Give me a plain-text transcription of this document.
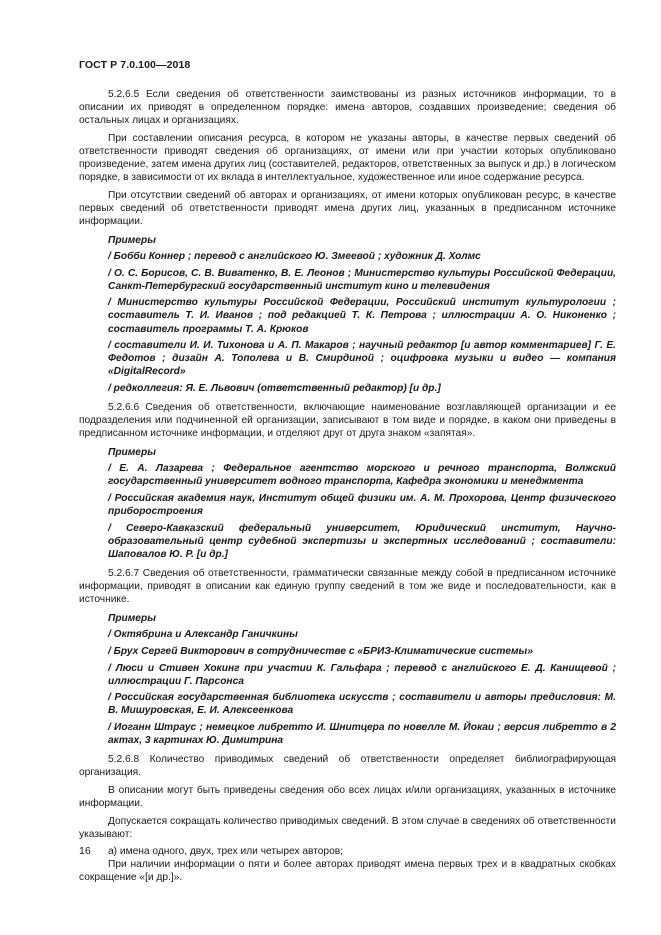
ГОСТ Р 7.0.100—2018

5.2.6.5 Если сведения об ответственности заимствованы из разных источников информации, то в описании их приводят в определенном порядке: имена авторов, создавших произведение; сведения об остальных лицах и организациях.

При составлении описания ресурса, в котором не указаны авторы, в качестве первых сведений об ответственности приводят сведения об организациях, от имени или при участии которых опубликовано произведение, затем имена других лиц (составителей, редакторов, ответственных за выпуск и др.) в логическом порядке, в зависимости от их вклада в интеллектуальное, художественное или иное содержание ресурса.

При отсутствии сведений об авторах и организациях, от имени которых опубликован ресурс, в качестве первых сведений об ответственности приводят имена других лиц, указанных в предписанном источнике информации.

Примеры
/ Бобби Коннер ; перевод с английского Ю. Змеевой ; художник Д. Холмс
/ О. С. Борисов, С. В. Виватенко, В. Е. Леонов ; Министерство культуры Российской Федерации, Санкт-Петербургский государственный институт кино и телевидения
/ Министерство культуры Российской Федерации, Российский институт культурологии ; составитель Т. И. Иванов ; под редакцией Т. К. Петрова ; иллюстрации А. О. Никоненко ; составитель программы Т. А. Крюков
/ составители И. И. Тихонова и А. П. Макаров ; научный редактор [и автор комментариев] Г. Е. Федотов ; дизайн А. Тополева и В. Смирдиной ; оцифровка музыки и видео — компания «DigitalRecord»
/ редколлегия: Я. Е. Львович (ответственный редактор) [и др.]

5.2.6.6 Сведения об ответственности, включающие наименование возглавляющей организации и ее подразделения или подчиненной ей организации, записывают в том виде и порядке, в каком они приведены в предписанном источнике информации, и отделяют друг от друга знаком «запятая».

Примеры
/ Е. А. Лазарева ; Федеральное агентство морского и речного транспорта, Волжский государственный университет водного транспорта, Кафедра экономики и менеджмента
/ Российская академия наук, Институт общей физики им. А. М. Прохорова, Центр физического приборостроения
/ Северо-Кавказский федеральный университет, Юридический институт, Научно-образовательный центр судебной экспертизы и экспертных исследований ; составители: Шаповалов Ю. Р. [и др.]

5.2.6.7 Сведения об ответственности, грамматически связанные между собой в предписанном источнике информации, приводят в описании как единую группу сведений в том же виде и последовательности, как в источнике.

Примеры
/ Октябрина и Александр Ганичкины
/ Брух Сергей Викторович в сотрудничестве с «БРИЗ-Климатические системы»
/ Люси и Стивен Хокинг при участии К. Гальфара ; перевод с английского Е. Д. Канищевой ; иллюстрации Г. Парсонса
/ Российская государственная библиотека искусств ; составители и авторы предисловия: М. В. Мишуровская, Е. И. Алексеенкова
/ Иоганн Штраус ; немецкое либретто И. Шнитцера по новелле М. Йокаи ; версия либретто в 2 актах, 3 картинах Ю. Димитрина

5.2.6.8 Количество приводимых сведений об ответственности определяет библиографирующая организация.

В описании могут быть приведены сведения обо всех лицах и/или организациях, указанных в источнике информации.

Допускается сокращать количество приводимых сведений. В этом случае в сведениях об ответственности указывают:

а) имена одного, двух, трех или четырех авторов;

При наличии информации о пяти и более авторах приводят имена первых трех и в квадратных скобках сокращение «[и др.]».

16
